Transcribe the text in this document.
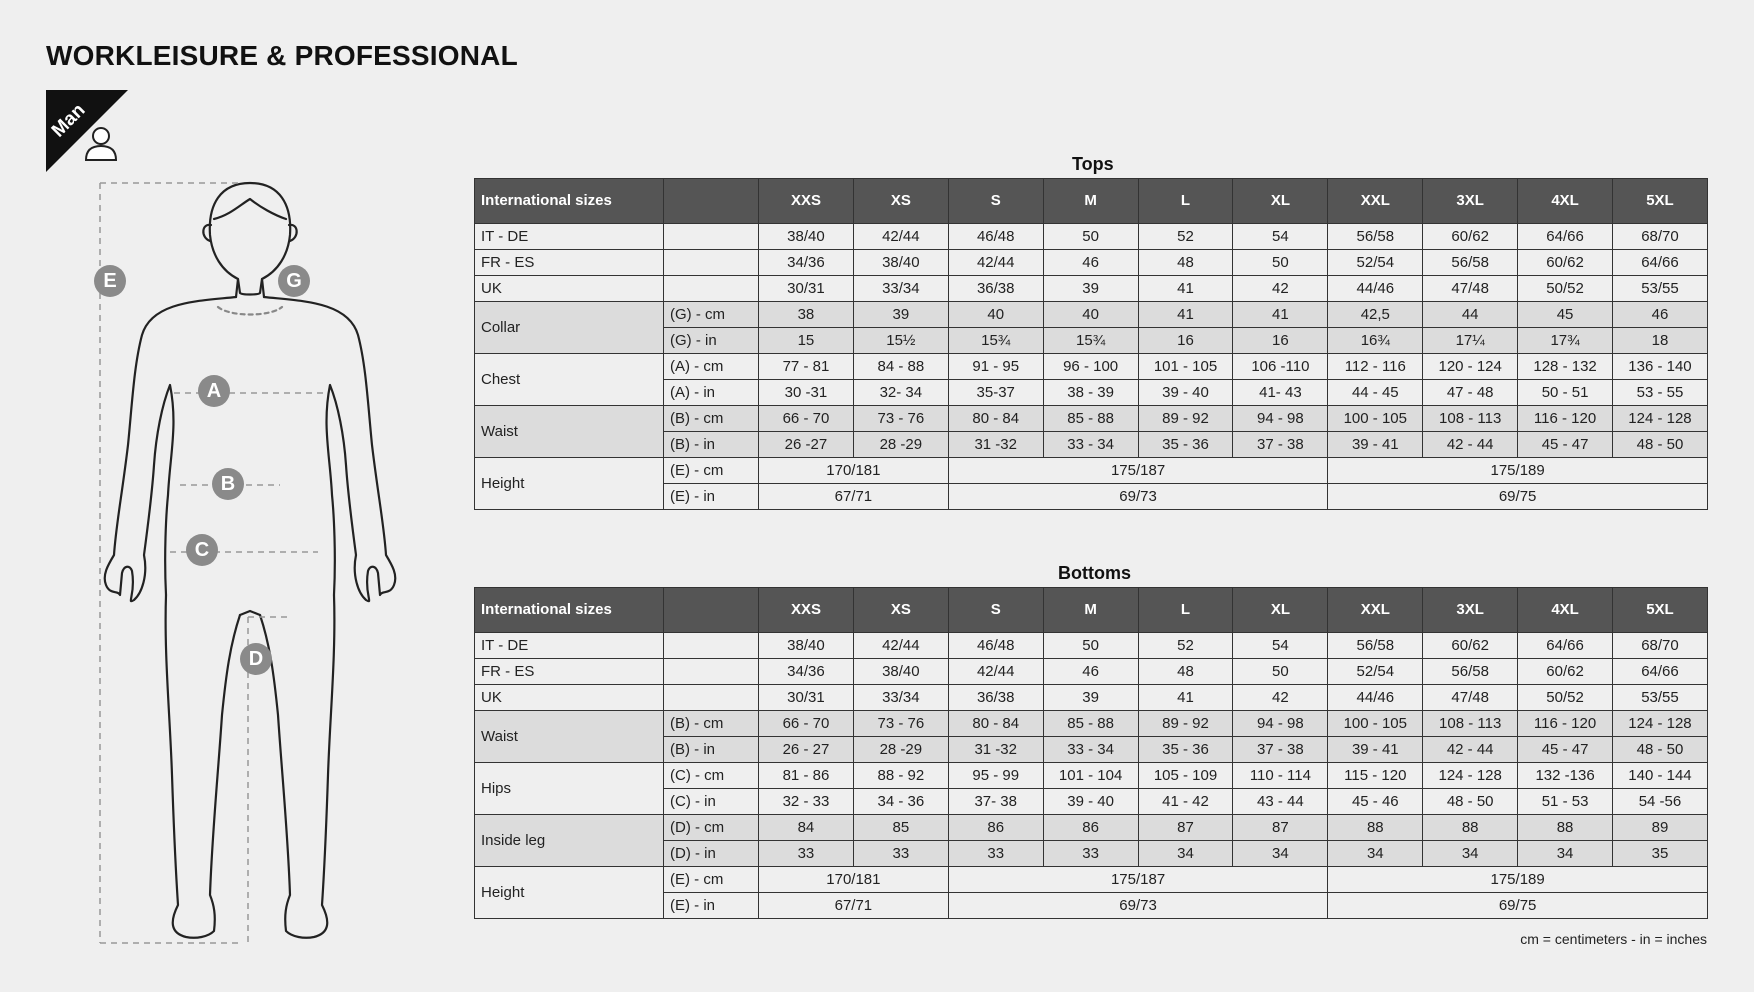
WORKLEISURE & PROFESSIONAL
Man
E	G
A
B
C
D
Tops
International sizes		XXS	XS	S	M	L	XL	XXL	3XL	4XL	5XL
IT - DE		38/40	42/44	46/48	50	52	54	56/58	60/62	64/66	68/70
FR - ES		34/36	38/40	42/44	46	48	50	52/54	56/58	60/62	64/66
UK		30/31	33/34	36/38	39	41	42	44/46	47/48	50/52	53/55
Collar	(G) - cm	38	39	40	40	41	41	42,5	44	45	46
	(G) - in	15	15½	15¾	15¾	16	16	16¾	17¼	17¾	18
Chest	(A) - cm	77 - 81	84 - 88	91 - 95	96 - 100	101 - 105	106 -110	112 - 116	120 - 124	128 - 132	136 - 140
	(A) - in	30 -31	32- 34	35-37	38 - 39	39 - 40	41- 43	44 - 45	47 - 48	50 - 51	53 - 55
Waist	(B) - cm	66 - 70	73 - 76	80 - 84	85 - 88	89 - 92	94 - 98	100 - 105	108 - 113	116 - 120	124 - 128
	(B) - in	26 -27	28 -29	31 -32	33 - 34	35 - 36	37 - 38	39 - 41	42 - 44	45 - 47	48 - 50
Height	(E) - cm	170/181		175/187				175/189			
	(E) - in	67/71		69/73				69/75			
Bottoms
International sizes		XXS	XS	S	M	L	XL	XXL	3XL	4XL	5XL
IT - DE		38/40	42/44	46/48	50	52	54	56/58	60/62	64/66	68/70
FR - ES		34/36	38/40	42/44	46	48	50	52/54	56/58	60/62	64/66
UK		30/31	33/34	36/38	39	41	42	44/46	47/48	50/52	53/55
Waist	(B) - cm	66 - 70	73 - 76	80 - 84	85 - 88	89 - 92	94 - 98	100 - 105	108 - 113	116 - 120	124 - 128
	(B) - in	26 - 27	28 -29	31 -32	33 - 34	35 - 36	37 - 38	39 - 41	42 - 44	45 - 47	48 - 50
Hips	(C) - cm	81 - 86	88 - 92	95 - 99	101 - 104	105 - 109	110 - 114	115 - 120	124 - 128	132 -136	140 - 144
	(C) - in	32 - 33	34 - 36	37- 38	39 - 40	41 - 42	43 - 44	45 - 46	48 - 50	51 - 53	54 -56
Inside leg	(D) - cm	84	85	86	86	87	87	88	88	88	89
	(D) - in	33	33	33	33	34	34	34	34	34	35
Height	(E) - cm	170/181		175/187				175/189			
	(E) - in	67/71		69/73				69/75			
cm = centimeters - in = inches
